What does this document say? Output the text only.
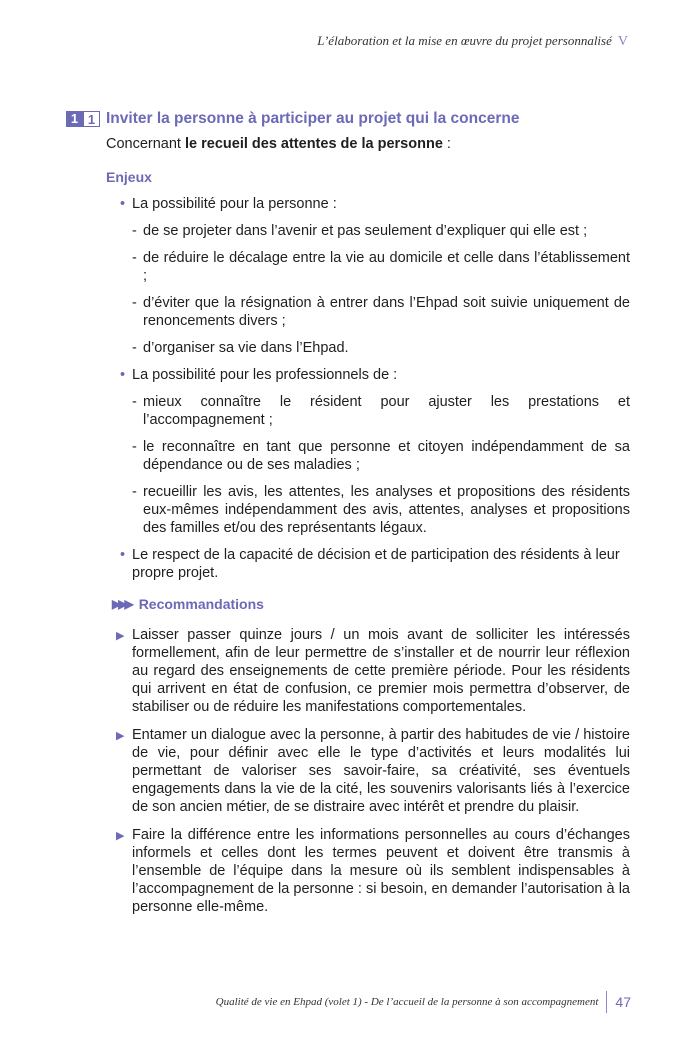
L’élaboration et la mise en œuvre du projet personnalisé V
1 1 Inviter la personne à participer au projet qui la concerne
Concernant le recueil des attentes de la personne :
Enjeux
• La possibilité pour la personne :
- de se projeter dans l’avenir et pas seulement d’expliquer qui elle est ;
- de réduire le décalage entre la vie au domicile et celle dans l’établissement ;
- d’éviter que la résignation à entrer dans l’Ehpad soit suivie uniquement de renoncements divers ;
- d’organiser sa vie dans l’Ehpad.
• La possibilité pour les professionnels de :
- mieux connaître le résident pour ajuster les prestations et l’accompagnement ;
- le reconnaître en tant que personne et citoyen indépendamment de sa dépendance ou de ses maladies ;
- recueillir les avis, les attentes, les analyses et propositions des résidents eux-mêmes indépendamment des avis, attentes, analyses et propositions des familles et/ou des représentants légaux.
• Le respect de la capacité de décision et de participation des résidents à leur propre projet.
▶▶▶ Recommandations
▶ Laisser passer quinze jours / un mois avant de solliciter les intéressés formellement, afin de leur permettre de s’installer et de nourrir leur réflexion au regard des enseignements de cette première période. Pour les résidents qui arrivent en état de confusion, ce premier mois permettra d’observer, de stabiliser ou de réduire les manifestations comportementales.
▶ Entamer un dialogue avec la personne, à partir des habitudes de vie / histoire de vie, pour définir avec elle le type d’activités et leurs modalités lui permettant de valoriser ses savoir-faire, sa créativité, ses éventuels engagements dans la vie de la cité, les souvenirs valorisants liés à l’exercice de son ancien métier, de se distraire avec intérêt et prendre du plaisir.
▶ Faire la différence entre les informations personnelles au cours d’échanges informels et celles dont les termes peuvent et doivent être transmis à l’ensemble de l’équipe dans la mesure où ils semblent indispensables à l’accompagnement de la personne : si besoin, en demander l’autorisation à la personne elle-même.
Qualité de vie en Ehpad (volet 1) - De l’accueil de la personne à son accompagnement 47
